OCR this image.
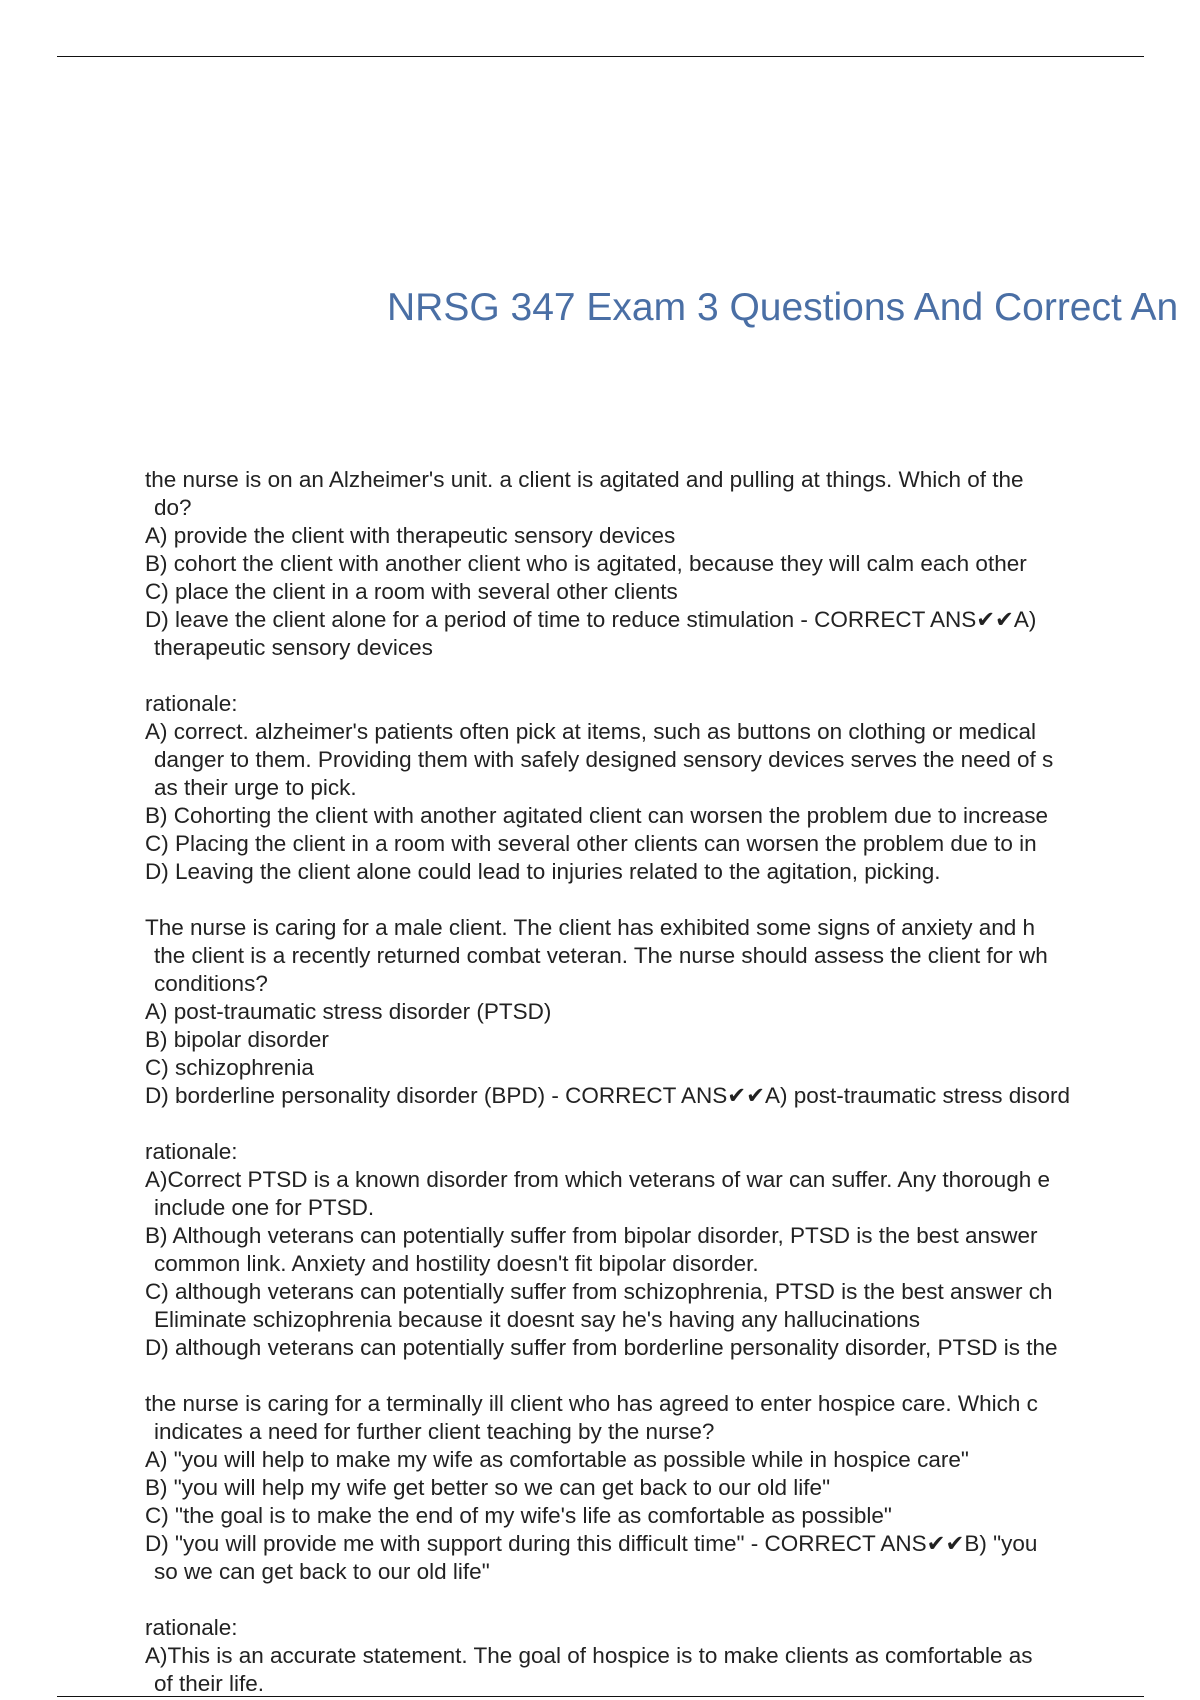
NRSG 347 Exam 3 Questions And Correct An
the nurse is on an Alzheimer's unit. a client is agitated and pulling at things. Which of the
do?
A) provide the client with therapeutic sensory devices
B) cohort the client with another client who is agitated, because they will calm each other
C) place the client in a room with several other clients
D) leave the client alone for a period of time to reduce stimulation - CORRECT ANS✔✔A)
therapeutic sensory devices
rationale:
A) correct. alzheimer's patients often pick at items, such as buttons on clothing or medical
danger to them. Providing them with safely designed sensory devices serves the need of s
as their urge to pick.
B) Cohorting the client with another agitated client can worsen the problem due to increase
C) Placing the client in a room with several other clients can worsen the problem due to in
D) Leaving the client alone could lead to injuries related to the agitation, picking.
The nurse is caring for a male client. The client has exhibited some signs of anxiety and h
the client is a recently returned combat veteran. The nurse should assess the client for wh
conditions?
A) post-traumatic stress disorder (PTSD)
B) bipolar disorder
C) schizophrenia
D) borderline personality disorder (BPD) - CORRECT ANS✔✔A) post-traumatic stress disord
rationale:
A)Correct PTSD is a known disorder from which veterans of war can suffer. Any thorough e
include one for PTSD.
B) Although veterans can potentially suffer from bipolar disorder, PTSD is the best answer
common link. Anxiety and hostility doesn't fit bipolar disorder.
C) although veterans can potentially suffer from schizophrenia, PTSD is the best answer ch
Eliminate schizophrenia because it doesnt say he's having any hallucinations
D) although veterans can potentially suffer from borderline personality disorder, PTSD is the
the nurse is caring for a terminally ill client who has agreed to enter hospice care. Which c
indicates a need for further client teaching by the nurse?
A) "you will help to make my wife as comfortable as possible while in hospice care"
B) "you will help my wife get better so we can get back to our old life"
C) "the goal is to make the end of my wife's life as comfortable as possible"
D) "you will provide me with support during this difficult time" - CORRECT ANS✔✔B) "you
so we can get back to our old life"
rationale:
A)This is an accurate statement. The goal of hospice is to make clients as comfortable as
of their life.
